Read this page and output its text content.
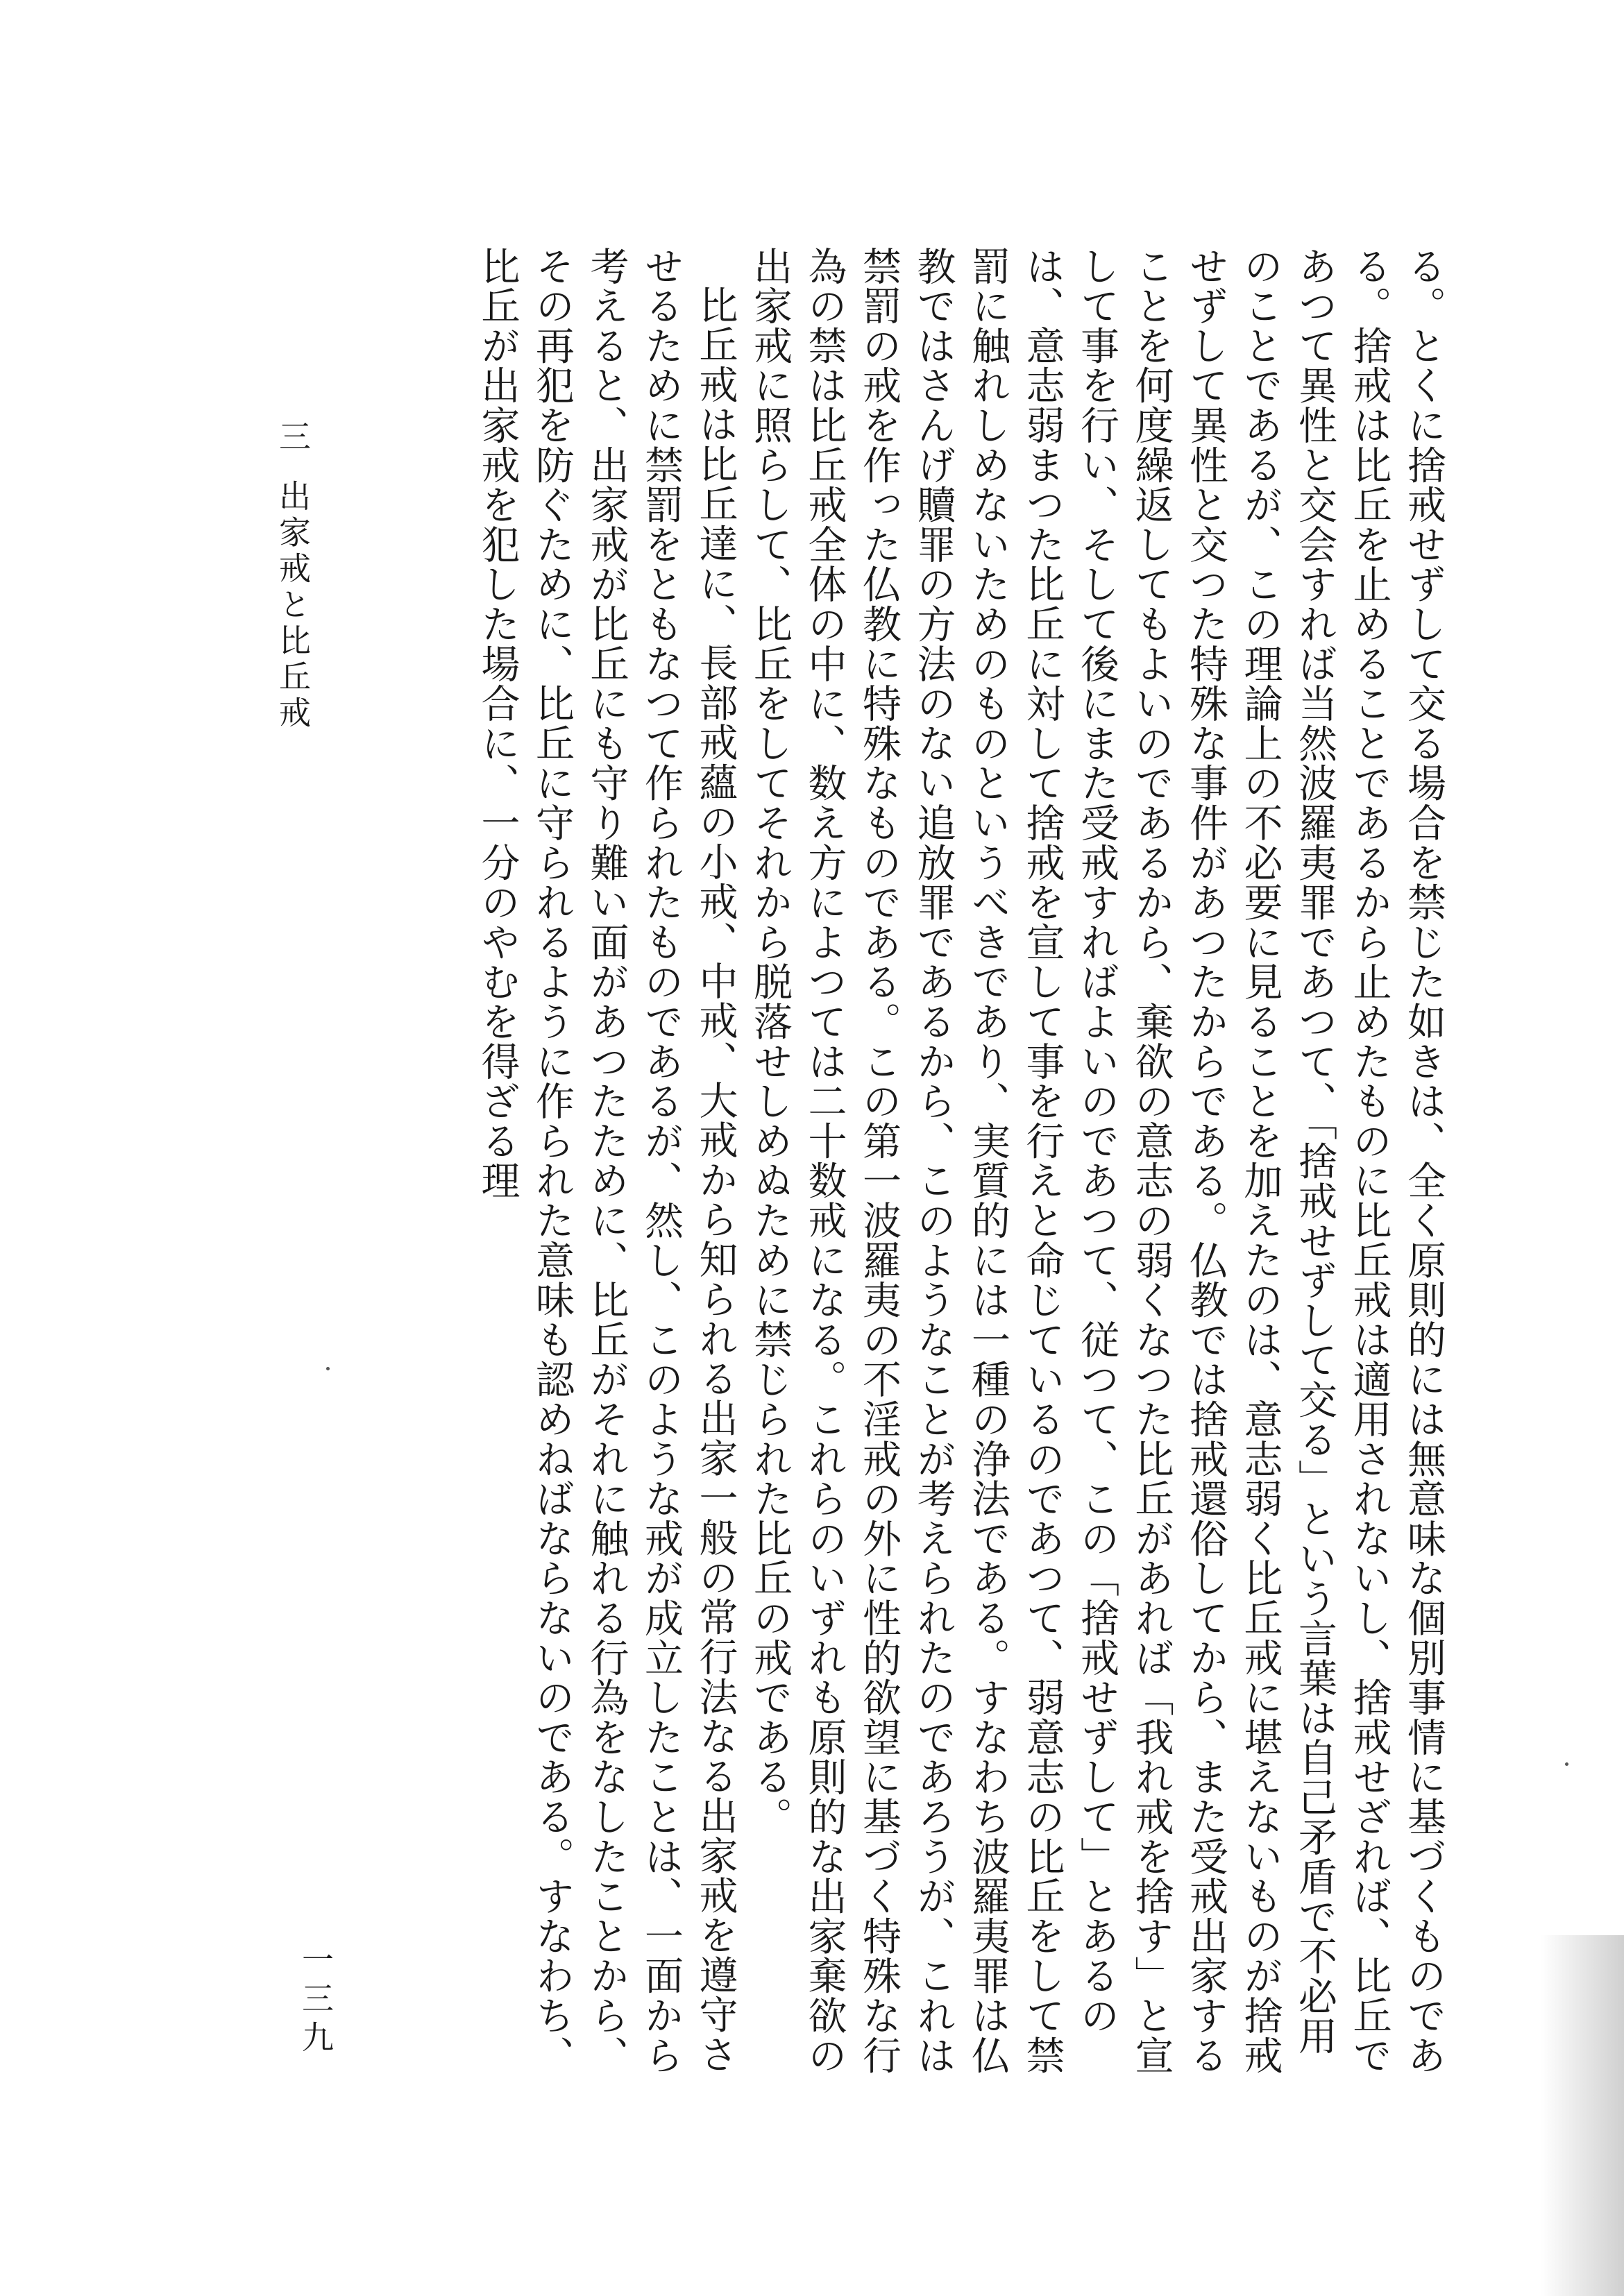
る。とくに捨戒せずして交る場合を禁じた如きは、全く原則的には無意味な個別事情に基づくものである。捨戒は比丘を止めることであるから止めたものに比丘戒は適用されないし、捨戒せざれば、比丘であつて異性と交会すれば当然波羅夷罪であつて、「捨戒せずして交る」という言葉は自己矛盾で不必用のことであるが、この理論上の不必要に見ることを加えたのは、意志弱く比丘戒に堪えないものが捨戒せずして異性と交つた特殊な事件があつたからである。仏教では捨戒還俗してから、また受戒出家することを何度繰返してもよいのであるから、棄欲の意志の弱くなつた比丘があれば「我れ戒を捨す」と宣して事を行い、そして後にまた受戒すればよいのであつて、従つて、この「捨戒せずして」とあるのは、意志弱まつた比丘に対して捨戒を宣して事を行えと命じているのであつて、弱意志の比丘をして禁罰に触れしめないためのものというべきであり、実質的には一種の浄法である。すなわち波羅夷罪は仏教ではさんげ贖罪の方法のない追放罪であるから、このようなことが考えられたのであろうが、これは禁罰の戒を作った仏教に特殊なものである。この第一波羅夷の不淫戒の外に性的欲望に基づく特殊な行為の禁は比丘戒全体の中に、数え方によつては二十数戒になる。これらのいずれも原則的な出家棄欲の出家戒に照らして、比丘をしてそれから脱落せしめぬために禁じられた比丘の戒である。

比丘戒は比丘達に、長部戒蘊の小戒、中戒、大戒から知られる出家一般の常行法なる出家戒を遵守させるために禁罰をともなつて作られたものであるが、然し、このような戒が成立したことは、一面から考えると、出家戒が比丘にも守り難い面があつたために、比丘がそれに触れる行為をなしたことから、その再犯を防ぐために、比丘に守られるように作られた意味も認めねばならないのである。すなわち、比丘が出家戒を犯した場合に、一分のやむを得ざる理

三出家戒と比丘戒
一三九
